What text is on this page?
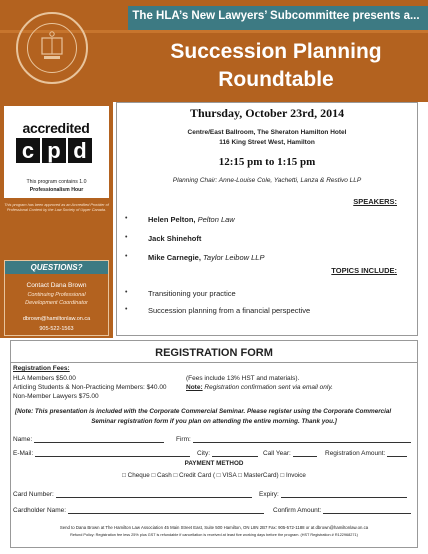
The HLA’s New Lawyers’ Subcommittee presents a...
Succession Planning
Roundtable
accredited
c p d
This program contains 1.0
Professionalism Hour
This program has been approved as an Accredited Provider of Professional Content by the Law Society of Upper Canada.
QUESTIONS?
Contact Dana Brown
Continuing Professional
Development Coordinator
dbrown@hamiltonlaw.on.ca
905-522-1563
Thursday, October 23rd, 2014
Centre/East Ballroom, The Sheraton Hamilton Hotel
116 King Street West, Hamilton
12:15 pm to 1:15 pm
Planning Chair: Anne-Louise Cole, Yachetti, Lanza & Restivo LLP
SPEAKERS:
•	Helen Pelton, Pelton Law
•	Jack Shinehoft
•	Mike Carnegie, Taylor Leibow LLP
TOPICS INCLUDE:
•	Transitioning your practice
•	Succession planning from a financial perspective
REGISTRATION FORM
Registration Fees:
HLA Members $50.00
Articling Students & Non-Practicing Members: $40.00
Non-Member Lawyers $75.00
(Fees include 13% HST and materials).
Note: Registration confirmation sent via email only.
[Note: This presentation is included with the Corporate Commercial Seminar. Please register using the Corporate Commercial
Seminar registration form if you plan on attending the entire morning. Thank you.]
Name:	Firm:
E-Mail:	City:	Call Year:	Registration Amount:
PAYMENT METHOD
□ Cheque □ Cash □ Credit Card ( □ VISA □ MasterCard) □ Invoice
Card Number:	Expiry:
Cardholder Name:	Confirm Amount:
Send to Dana Brown at The Hamilton Law Association 45 Main Street East, Suite 500 Hamilton, ON L8N 2B7 Fax: 905-572-1188 or at dbrown@hamiltonlaw.on.ca
Refund Policy: Registration fee less 25% plus GST is refundable if cancellation is received at least five working days before the program. (HST Registration # R122968271)
